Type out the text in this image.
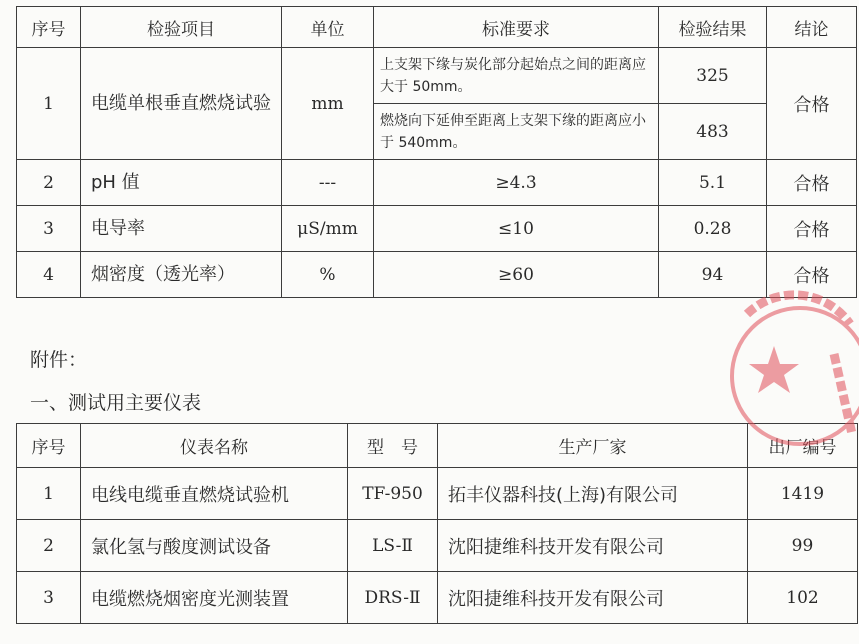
序号	检验项目	单位	标准要求	检验结果	结论
1	电缆单根垂直燃烧试验	mm	上支架下缘与炭化部分起始点之间的距离应大于 50mm。	325	合格
			燃烧向下延伸至距离上支架下缘的距离应小于 540mm。	483	
2	pH 值	---	≥4.3	5.1	合格
3	电导率	μS/mm	≤10	0.28	合格
4	烟密度（透光率）	%	≥60	94	合格
附件：
一、测试用主要仪表
序号	仪表名称	型　号	生产厂家	出厂编号
1	电线电缆垂直燃烧试验机	TF-950	拓丰仪器科技(上海)有限公司	1419
2	氯化氢与酸度测试设备	LS-Ⅱ	沈阳捷维科技开发有限公司	99
3	电缆燃烧烟密度光测装置	DRS-Ⅱ	沈阳捷维科技开发有限公司	102
